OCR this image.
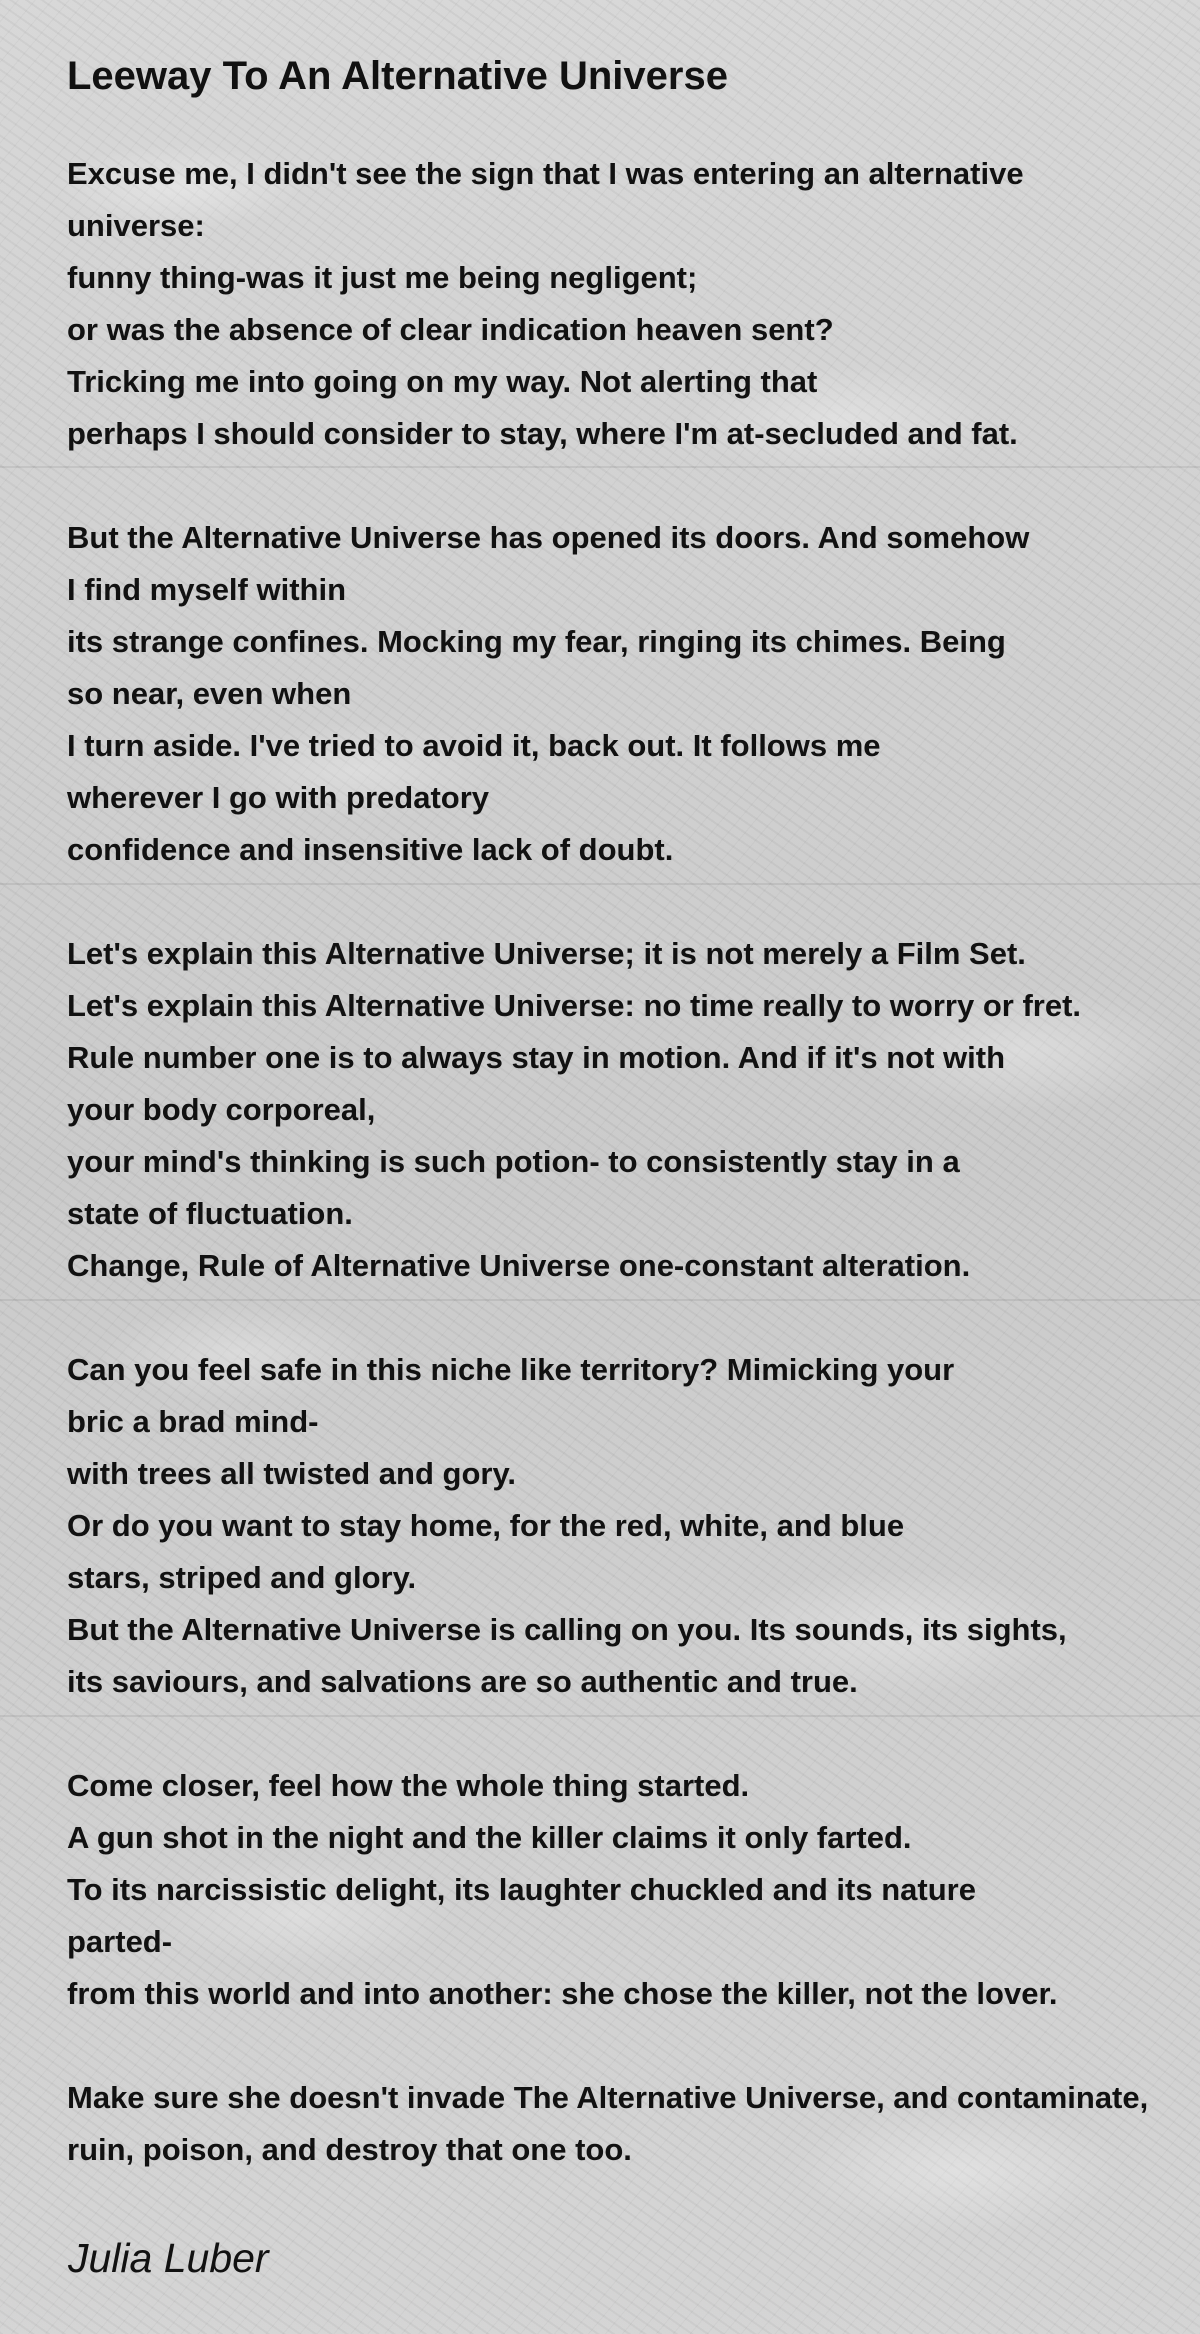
Leeway To An Alternative Universe
Excuse me, I didn't see the sign that I was entering an alternative
universe:
funny thing-was it just me being negligent;
or was the absence of clear indication heaven sent?
Tricking me into going on my way. Not alerting that
perhaps I should consider to stay, where I'm at-secluded and fat.
But the Alternative Universe has opened its doors. And somehow
I find myself within
its strange confines. Mocking my fear, ringing its chimes. Being
so near, even when
I turn aside. I've tried to avoid it, back out. It follows me
wherever I go with predatory
confidence and insensitive lack of doubt.
Let's explain this Alternative Universe; it is not merely a Film Set.
Let's explain this Alternative Universe: no time really to worry or fret.
Rule number one is to always stay in motion. And if it's not with
your body corporeal,
your mind's thinking is such potion- to consistently stay in a
state of fluctuation.
Change, Rule of Alternative Universe one-constant alteration.
Can you feel safe in this niche like territory? Mimicking your
bric a brad mind-
with trees all twisted and gory.
Or do you want to stay home, for the red, white, and blue
stars, striped and glory.
But the Alternative Universe is calling on you. Its sounds, its sights,
its saviours, and salvations are so authentic and true.
Come closer, feel how the whole thing started.
A gun shot in the night and the killer claims it only farted.
To its narcissistic delight, its laughter chuckled and its nature
parted-
from this world and into another: she chose the killer, not the lover.
Make sure she doesn't invade The Alternative Universe, and contaminate,
ruin, poison, and destroy that one too.

Julia Luber
